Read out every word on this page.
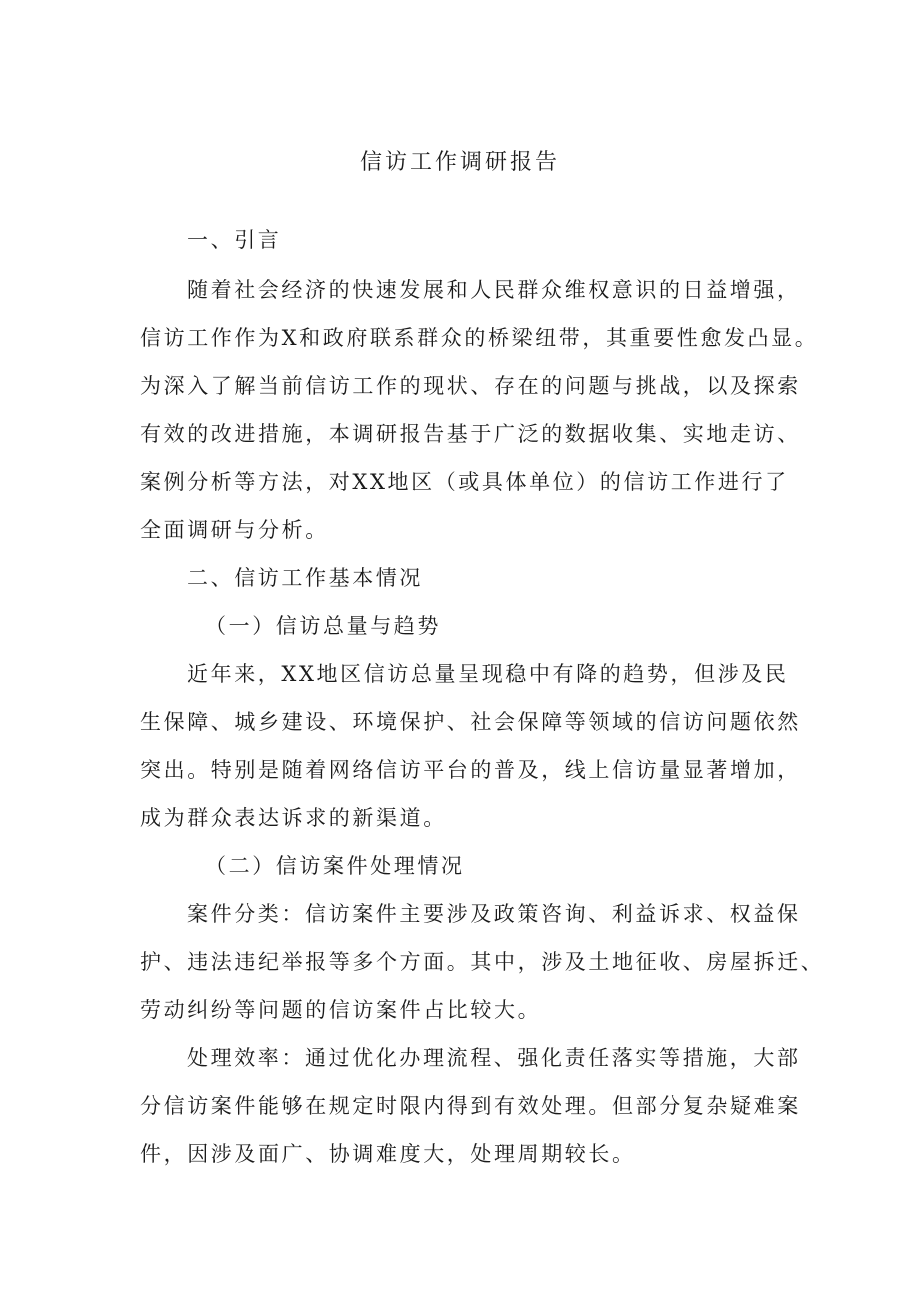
信访工作调研报告
一、引言
随着社会经济的快速发展和人民群众维权意识的日益增强，
信访工作作为X和政府联系群众的桥梁纽带，其重要性愈发凸显。
为深入了解当前信访工作的现状、存在的问题与挑战，以及探索
有效的改进措施，本调研报告基于广泛的数据收集、实地走访、
案例分析等方法，对XX地区（或具体单位）的信访工作进行了
全面调研与分析。
二、信访工作基本情况
（一）信访总量与趋势
近年来，XX地区信访总量呈现稳中有降的趋势，但涉及民
生保障、城乡建设、环境保护、社会保障等领域的信访问题依然
突出。特别是随着网络信访平台的普及，线上信访量显著增加，
成为群众表达诉求的新渠道。
（二）信访案件处理情况
案件分类：信访案件主要涉及政策咨询、利益诉求、权益保
护、违法违纪举报等多个方面。其中，涉及土地征收、房屋拆迁、
劳动纠纷等问题的信访案件占比较大。
处理效率：通过优化办理流程、强化责任落实等措施，大部
分信访案件能够在规定时限内得到有效处理。但部分复杂疑难案
件，因涉及面广、协调难度大，处理周期较长。
